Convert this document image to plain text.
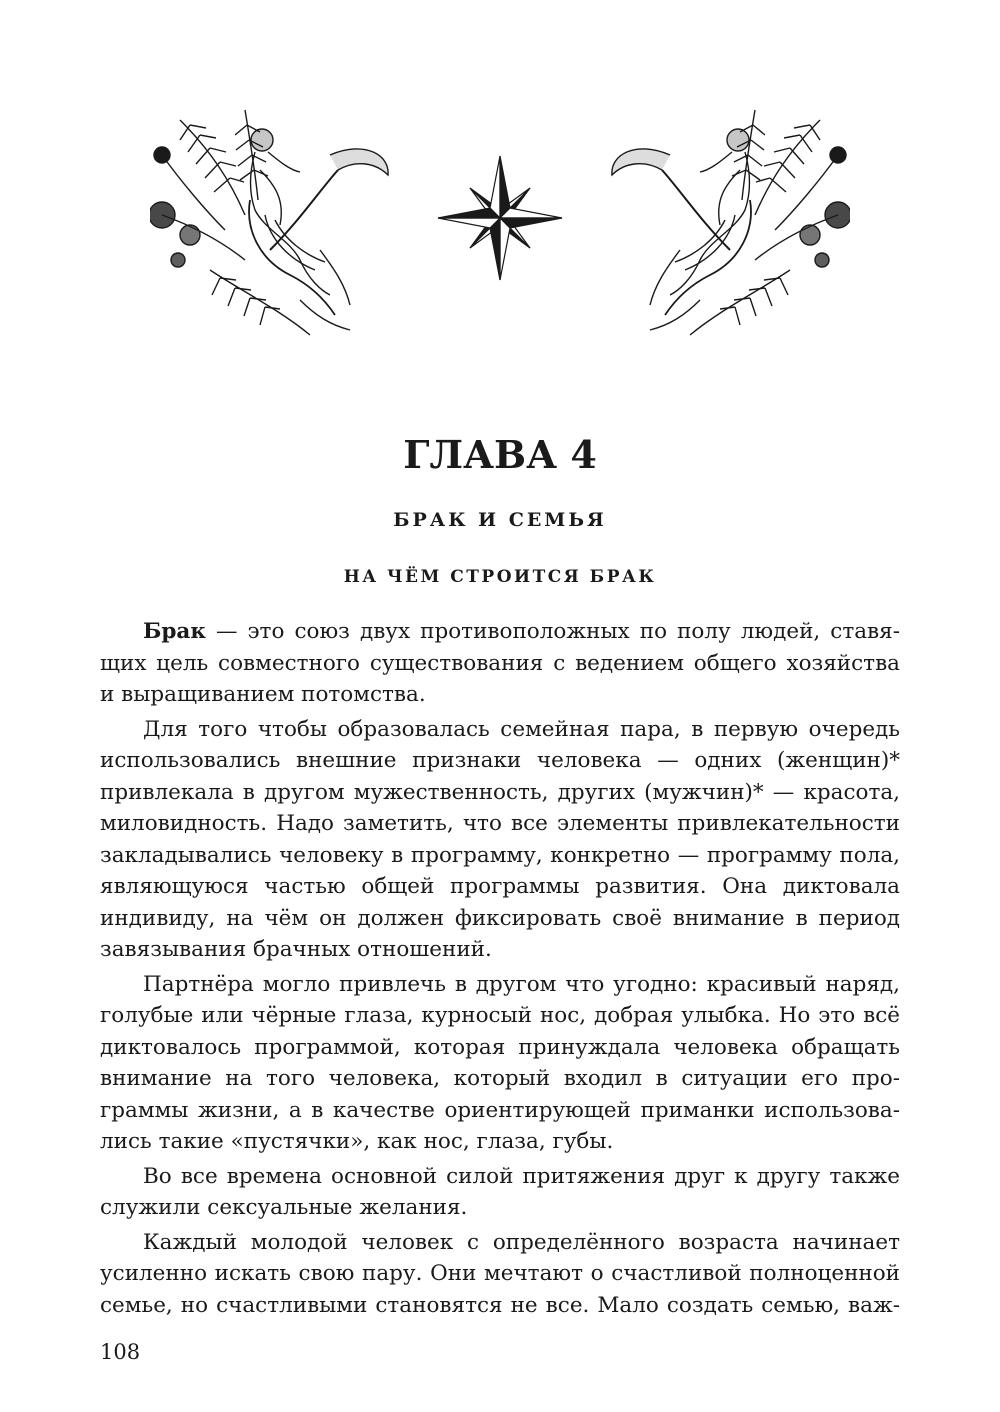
ГЛАВА 4
БРАК И СЕМЬЯ
НА ЧЁМ СТРОИТСЯ БРАК
Брак — это союз двух противоположных по полу людей, ставя-
щих цель совместного существования с ведением общего хозяйства
и выращиванием потомства.
Для того чтобы образовалась семейная пара, в первую очередь
использовались внешние признаки человека — одних (женщин)*
привлекала в другом мужественность, других (мужчин)* — красота,
миловидность. Надо заметить, что все элементы привлекательности
закладывались человеку в программу, конкретно — программу пола,
являющуюся частью общей программы развития. Она диктовала
индивиду, на чём он должен фиксировать своё внимание в период
завязывания брачных отношений.
Партнёра могло привлечь в другом что угодно: красивый наряд,
голубые или чёрные глаза, курносый нос, добрая улыбка. Но это всё
диктовалось программой, которая принуждала человека обращать
внимание на того человека, который входил в ситуации его про-
граммы жизни, а в качестве ориентирующей приманки использова-
лись такие «пустячки», как нос, глаза, губы.
Во все времена основной силой притяжения друг к другу также
служили сексуальные желания.
Каждый молодой человек с определённого возраста начинает
усиленно искать свою пару. Они мечтают о счастливой полноценной
семье, но счастливыми становятся не все. Мало создать семью, важ-
108
